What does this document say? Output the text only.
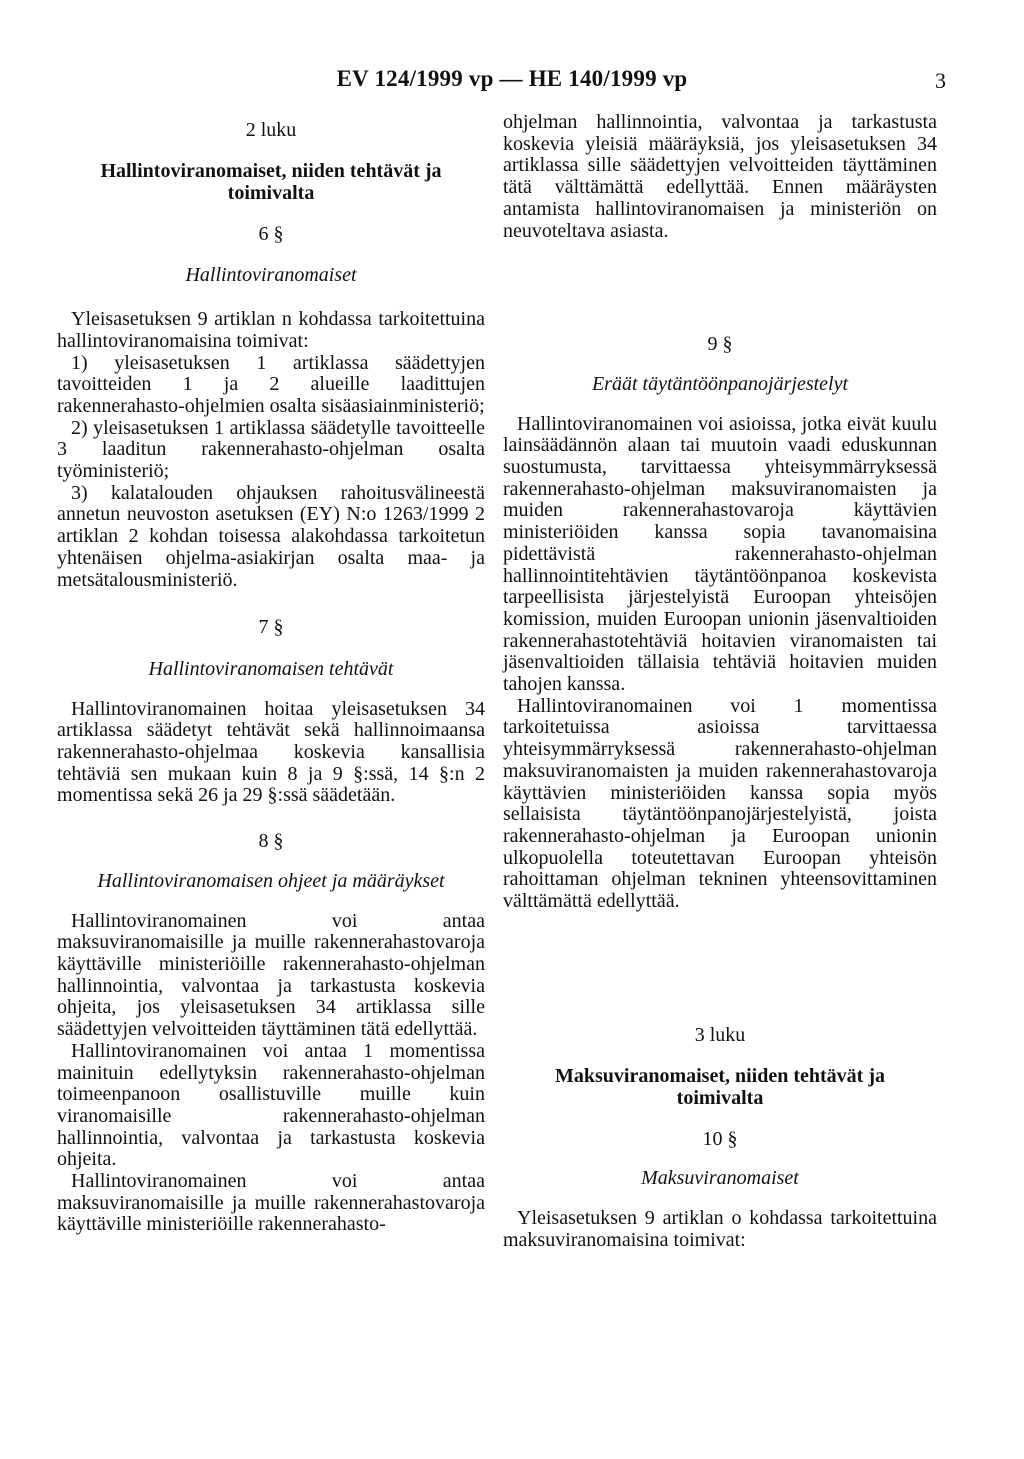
EV 124/1999 vp — HE 140/1999 vp	3

2 luku

Hallintoviranomaiset, niiden tehtävät ja toimivalta

6 §

Hallintoviranomaiset

Yleisasetuksen 9 artiklan n kohdassa tarkoitettuina hallintoviranomaisina toimivat:

1) yleisasetuksen 1 artiklassa säädettyjen tavoitteiden 1 ja 2 alueille laadittujen rakennerahasto-ohjelmien osalta sisäasiainministeriö;

2) yleisasetuksen 1 artiklassa säädetylle tavoitteelle 3 laaditun rakennerahasto-ohjelman osalta työministeriö;

3) kalatalouden ohjauksen rahoitusvälineestä annetun neuvoston asetuksen (EY) N:o 1263/1999 2 artiklan 2 kohdan toisessa alakohdassa tarkoitetun yhtenäisen ohjelma-asiakirjan osalta maa- ja metsätalousministeriö.

7 §

Hallintoviranomaisen tehtävät

Hallintoviranomainen hoitaa yleisasetuksen 34 artiklassa säädetyt tehtävät sekä hallinnoimaansa rakennerahasto-ohjelmaa koskevia kansallisia tehtäviä sen mukaan kuin 8 ja 9 §:ssä, 14 §:n 2 momentissa sekä 26 ja 29 §:ssä säädetään.

8 §

Hallintoviranomaisen ohjeet ja määräykset

Hallintoviranomainen voi antaa maksuviranomaisille ja muille rakennerahastovaroja käyttäville ministeriöille rakennerahasto-ohjelman hallinnointia, valvontaa ja tarkastusta koskevia ohjeita, jos yleisasetuksen 34 artiklassa sille säädettyjen velvoitteiden täyttäminen tätä edellyttää.

Hallintoviranomainen voi antaa 1 momentissa mainituin edellytyksin rakennerahasto-ohjelman toimeenpanoon osallistuville muille kuin viranomaisille rakennerahasto-ohjelman hallinnointia, valvontaa ja tarkastusta koskevia ohjeita.

Hallintoviranomainen voi antaa maksuviranomaisille ja muille rakennerahastovaroja käyttäville ministeriöille rakennerahasto-

ohjelman hallinnointia, valvontaa ja tarkastusta koskevia yleisiä määräyksiä, jos yleisasetuksen 34 artiklassa sille säädettyjen velvoitteiden täyttäminen tätä välttämättä edellyttää. Ennen määräysten antamista hallintoviranomaisen ja ministeriön on neuvoteltava asiasta.

9 §

Eräät täytäntöönpanojärjestelyt

Hallintoviranomainen voi asioissa, jotka eivät kuulu lainsäädännön alaan tai muutoin vaadi eduskunnan suostumusta, tarvittaessa yhteisymmärryksessä rakennerahasto-ohjelman maksuviranomaisten ja muiden rakennerahastovaroja käyttävien ministeriöiden kanssa sopia tavanomaisina pidettävistä rakennerahasto-ohjelman hallinnointitehtävien täytäntöönpanoa koskevista tarpeellisista järjestelyistä Euroopan yhteisöjen komission, muiden Euroopan unionin jäsenvaltioiden rakennerahastotehtäviä hoitavien viranomaisten tai jäsenvaltioiden tällaisia tehtäviä hoitavien muiden tahojen kanssa.

Hallintoviranomainen voi 1 momentissa tarkoitetuissa asioissa tarvittaessa yhteisymmärryksessä rakennerahasto-ohjelman maksuviranomaisten ja muiden rakennerahastovaroja käyttävien ministeriöiden kanssa sopia myös sellaisista täytäntöönpanojärjestelyistä, joista rakennerahasto-ohjelman ja Euroopan unionin ulkopuolella toteutettavan Euroopan yhteisön rahoittaman ohjelman tekninen yhteensovittaminen välttämättä edellyttää.

3 luku

Maksuviranomaiset, niiden tehtävät ja toimivalta

10 §

Maksuviranomaiset

Yleisasetuksen 9 artiklan o kohdassa tarkoitettuina maksuviranomaisina toimivat:
